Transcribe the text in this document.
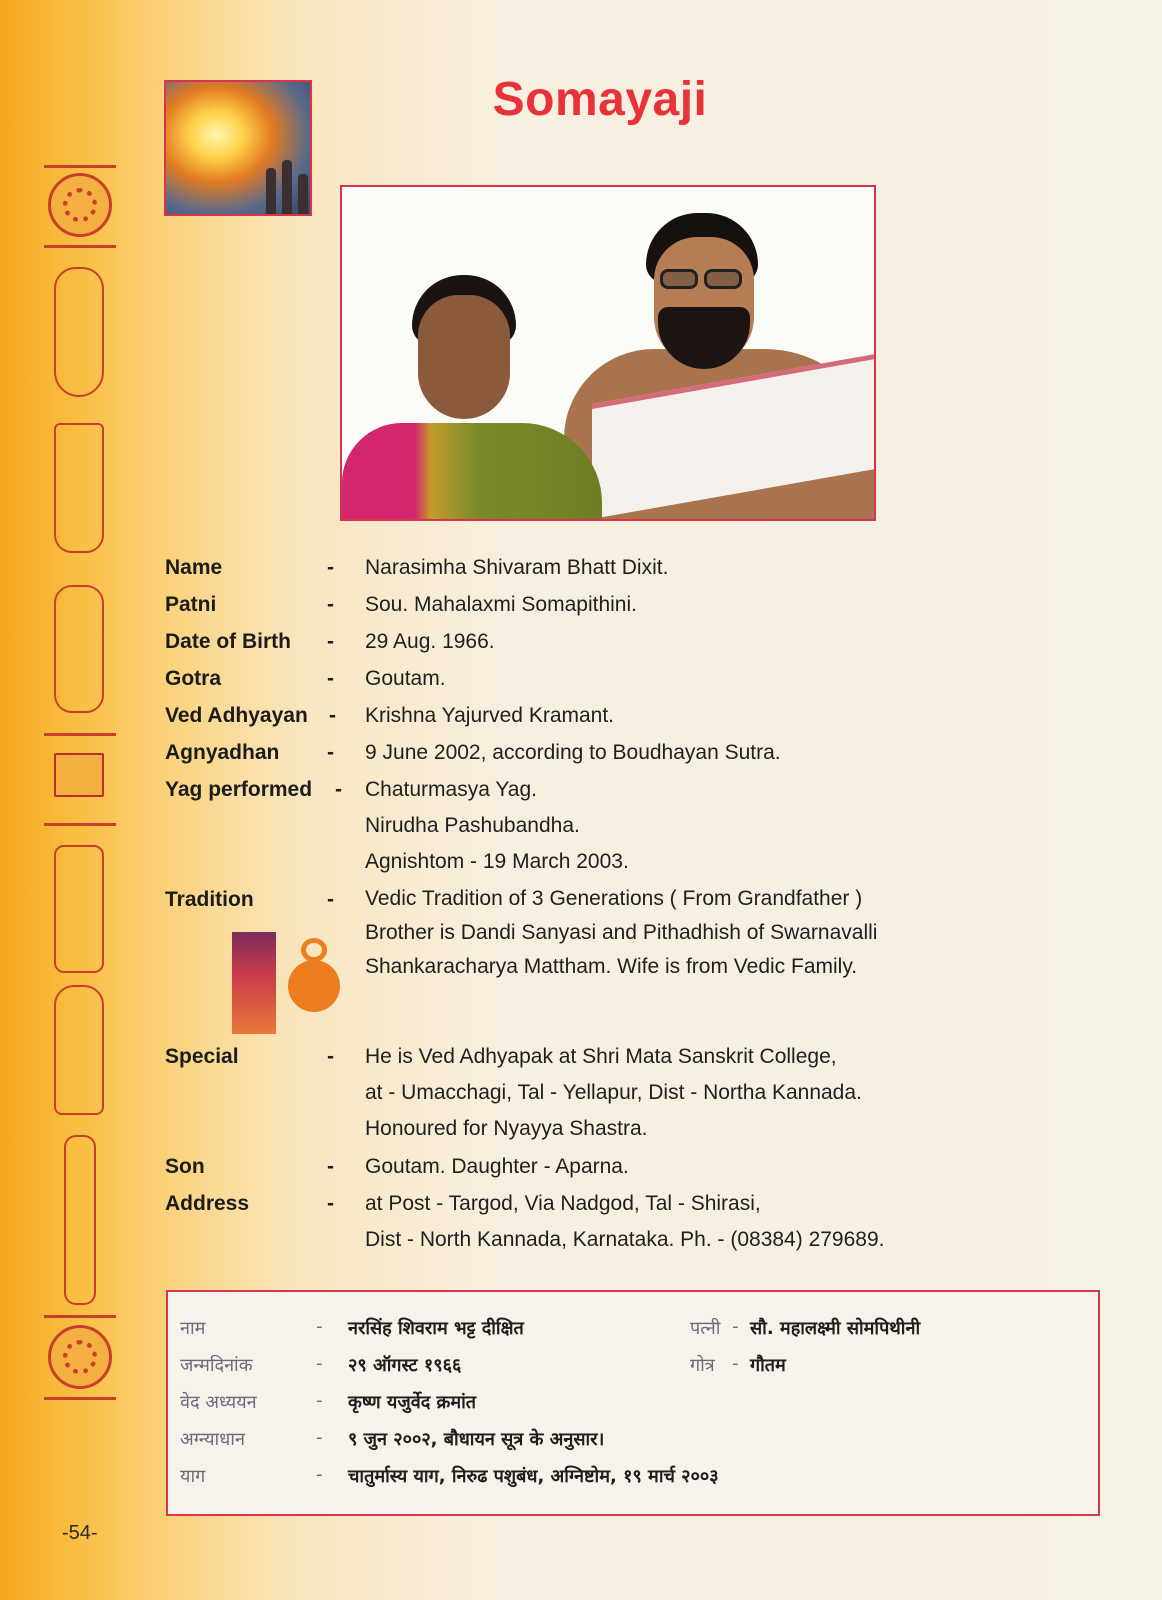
Somayaji
Name	- Narasimha Shivaram Bhatt Dixit.
Patni	- Sou. Mahalaxmi Somapithini.
Date of Birth - 29 Aug. 1966.
Gotra	- Goutam.
Ved Adhyayan - Krishna Yajurved Kramant.
Agnyadhan - 9 June 2002, according to Boudhayan Sutra.
Yag performed - Chaturmasya Yag.
Nirudha Pashubandha.
Agnishtom - 19 March 2003.
Tradition	- Vedic Tradition of 3 Generations ( From Grandfather )
Brother is Dandi Sanyasi and Pithadhish of Swarnavalli
Shankaracharya Mattham. Wife is from Vedic Family.
Special	- He is Ved Adhyapak at Shri Mata Sanskrit College,
at - Umacchagi, Tal - Yellapur, Dist - Northa Kannada.
Honoured for Nyayya Shastra.
Son	- Goutam. Daughter - Aparna.
Address	- at Post - Targod, Via Nadgod, Tal - Shirasi,
Dist - North Kannada, Karnataka. Ph. - (08384) 279689.
नाम	- नरसिंह शिवराम भट्ट दीक्षित	पत्नी - सौ. महालक्ष्मी सोमपिथीनी
जन्मदिनांक	- २९ ऑगस्ट १९६६	गोत्र - गौतम
वेद अध्ययन	- कृष्ण यजुर्वेद क्रमांत
अग्न्याधान	- ९ जुन २००२, बौधायन सूत्र के अनुसार।
याग	- चातुर्मास्य याग, निरुढ पशुबंध, अग्निष्टोम, १९ मार्च २००३
-54-
